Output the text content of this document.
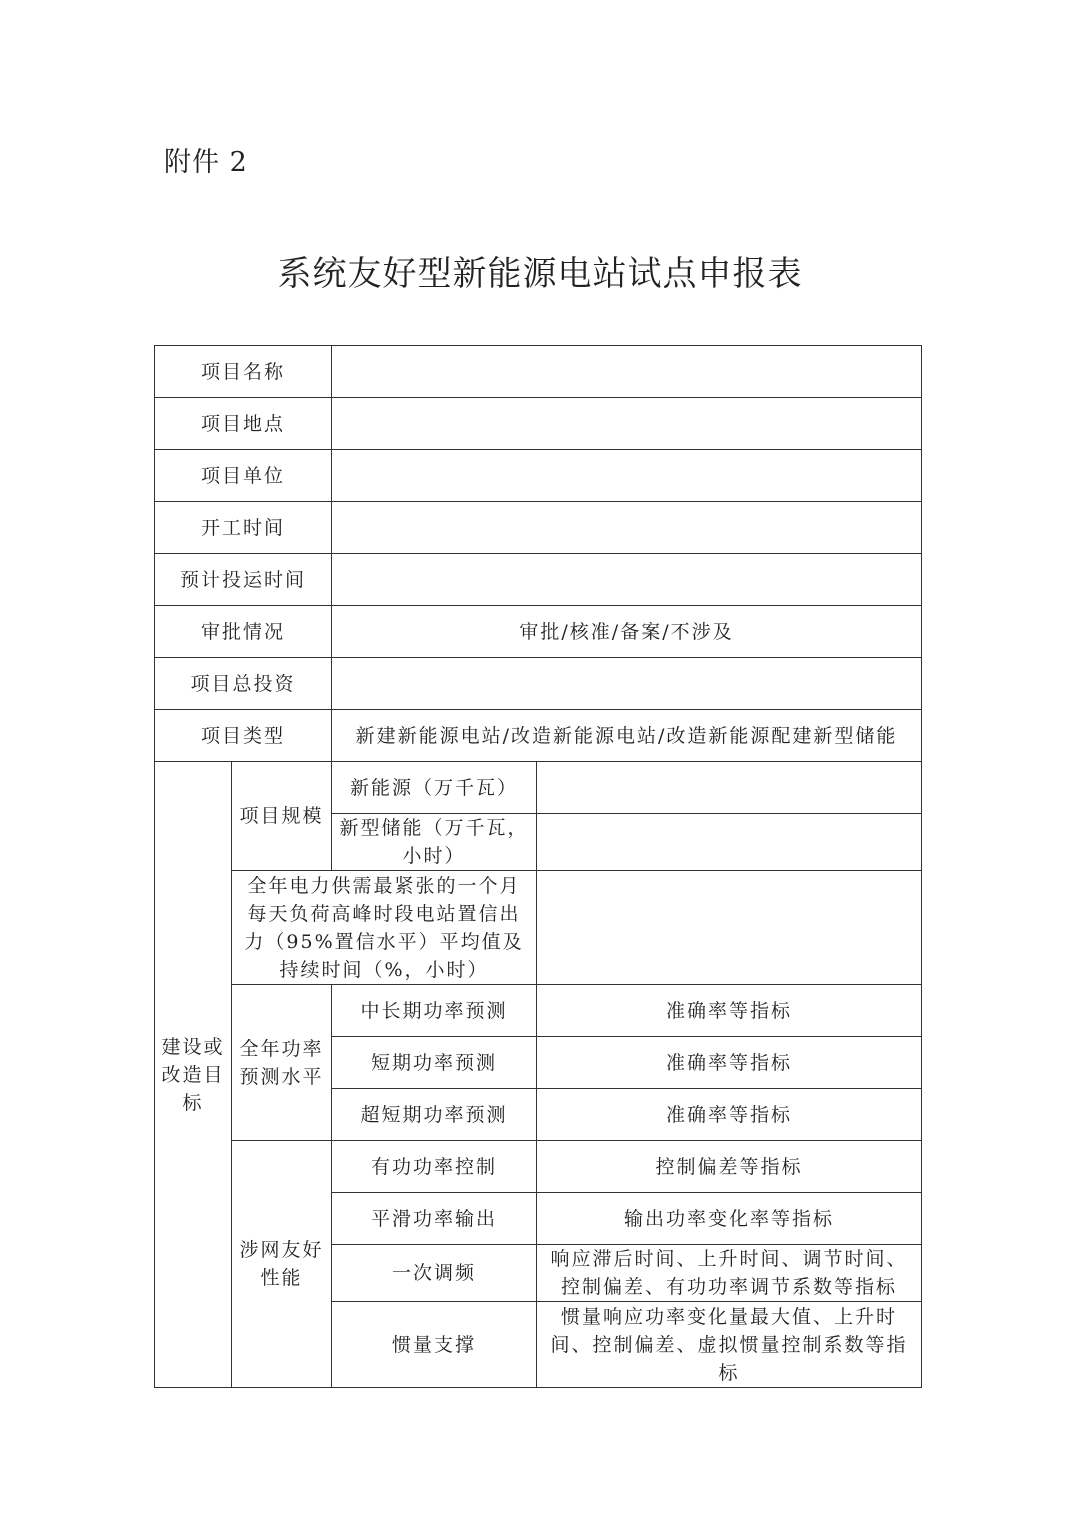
附件 2
系统友好型新能源电站试点申报表
项目名称			
项目地点			
项目单位			
开工时间			
预计投运时间			
审批情况		审批/核准/备案/不涉及	
项目总投资			
项目类型		新建新能源电站/改造新能源电站/改造新能源配建新型储能	
建设或改造目标	项目规模	新能源（万千瓦）	
		新型储能（万千瓦，小时）	
	全年电力供需最紧张的一个月每天负荷高峰时段电站置信出力（95%置信水平）平均值及持续时间（%，小时）		
	全年功率预测水平	中长期功率预测	准确率等指标
		短期功率预测	准确率等指标
		超短期功率预测	准确率等指标
	涉网友好性能	有功功率控制	控制偏差等指标
		平滑功率输出	输出功率变化率等指标
		一次调频	响应滞后时间、上升时间、调节时间、控制偏差、有功功率调节系数等指标
		惯量支撑	惯量响应功率变化量最大值、上升时间、控制偏差、虚拟惯量控制系数等指标
